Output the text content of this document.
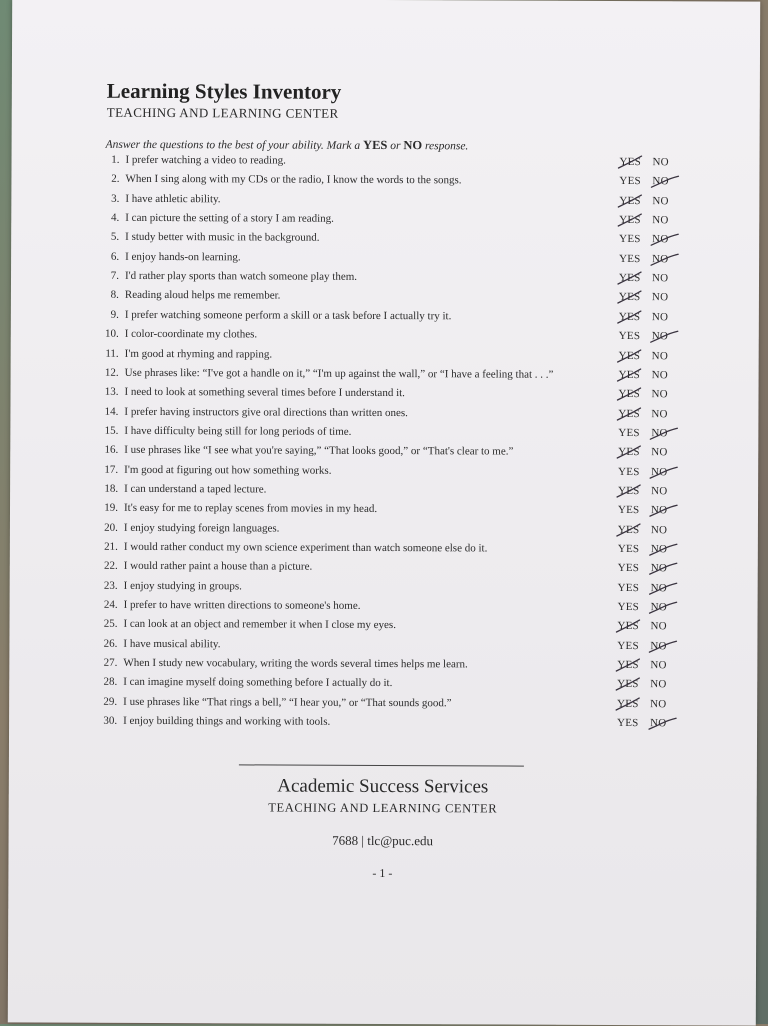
Learning Styles Inventory
TEACHING AND LEARNING CENTER
Answer the questions to the best of your ability. Mark a YES or NO response.
1. I prefer watching a video to reading.	YES NO
2. When I sing along with my CDs or the radio, I know the words to the songs.	YES NO
3. I have athletic ability.	YES NO
4. I can picture the setting of a story I am reading.	YES NO
5. I study better with music in the background.	YES NO
6. I enjoy hands-on learning.	YES NO
7. I'd rather play sports than watch someone play them.	YES NO
8. Reading aloud helps me remember.	YES NO
9. I prefer watching someone perform a skill or a task before I actually try it.	YES NO
10. I color-coordinate my clothes.	YES NO
11. I'm good at rhyming and rapping.	YES NO
12. Use phrases like: “I've got a handle on it,” “I'm up against the wall,” or “I have a feeling that . . .”	YES NO
13. I need to look at something several times before I understand it.	YES NO
14. I prefer having instructors give oral directions than written ones.	YES NO
15. I have difficulty being still for long periods of time.	YES NO
16. I use phrases like “I see what you're saying,” “That looks good,” or “That's clear to me.”	YES NO
17. I'm good at figuring out how something works.	YES NO
18. I can understand a taped lecture.	YES NO
19. It's easy for me to replay scenes from movies in my head.	YES NO
20. I enjoy studying foreign languages.	YES NO
21. I would rather conduct my own science experiment than watch someone else do it.	YES NO
22. I would rather paint a house than a picture.	YES NO
23. I enjoy studying in groups.	YES NO
24. I prefer to have written directions to someone's home.	YES NO
25. I can look at an object and remember it when I close my eyes.	YES NO
26. I have musical ability.	YES NO
27. When I study new vocabulary, writing the words several times helps me learn.	YES NO
28. I can imagine myself doing something before I actually do it.	YES NO
29. I use phrases like “That rings a bell,” “I hear you,” or “That sounds good.”	YES NO
30. I enjoy building things and working with tools.	YES NO
Academic Success Services
TEACHING AND LEARNING CENTER
7688 | tlc@puc.edu
- 1 -
